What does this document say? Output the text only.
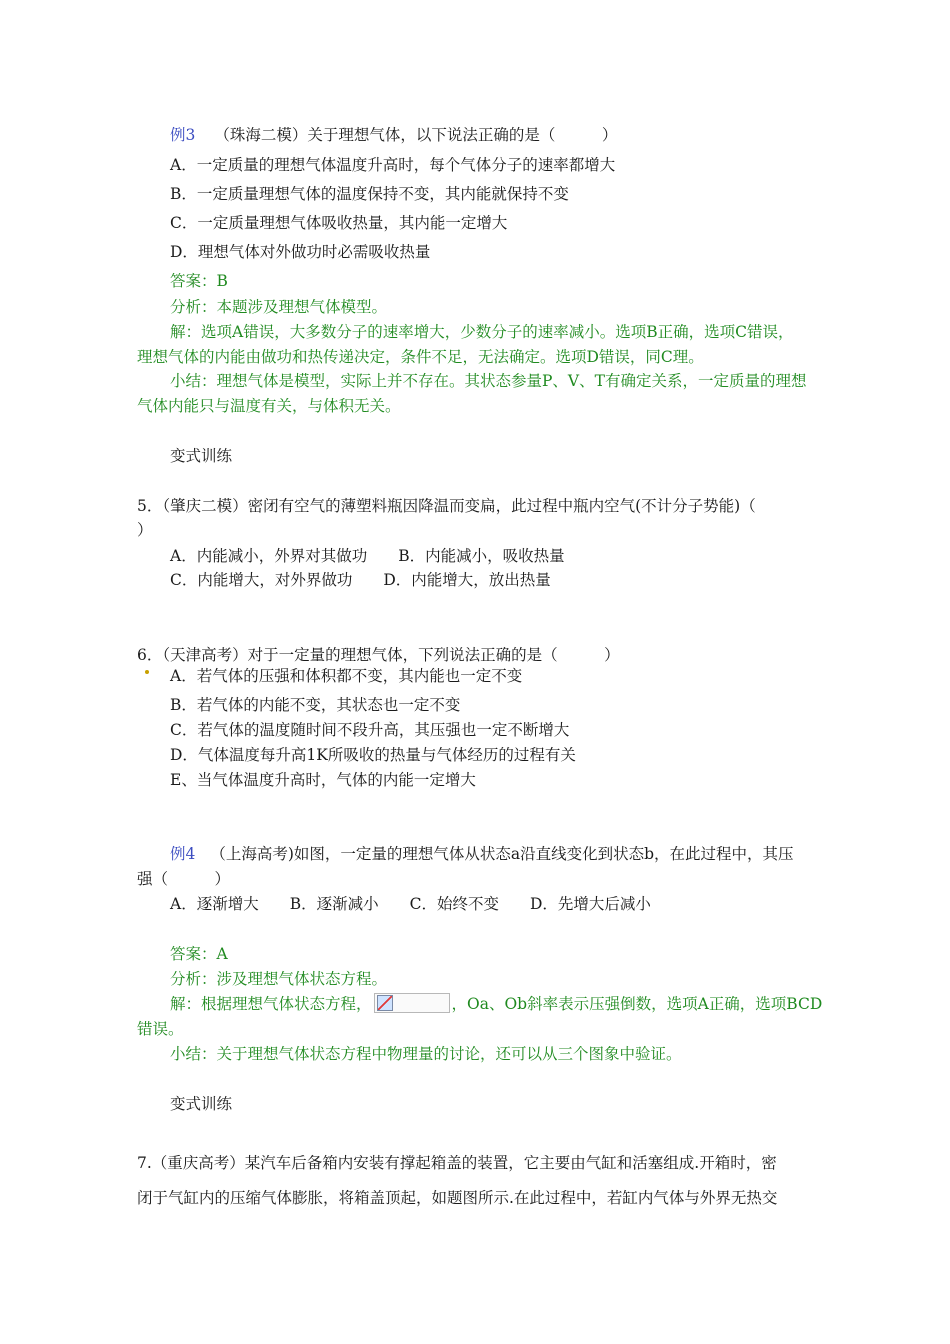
例3 （珠海二模）关于理想气体，以下说法正确的是（　　　）
A．一定质量的理想气体温度升高时，每个气体分子的速率都增大
B．一定质量理想气体的温度保持不变，其内能就保持不变
C．一定质量理想气体吸收热量，其内能一定增大
D．理想气体对外做功时必需吸收热量
答案：B
分析：本题涉及理想气体模型。
解：选项A错误，大多数分子的速率增大，少数分子的速率减小。选项B正确，选项C错误，
理想气体的内能由做功和热传递决定，条件不足，无法确定。选项D错误，同C理。
小结：理想气体是模型，实际上并不存在。其状态参量P、V、T有确定关系，一定质量的理想
气体内能只与温度有关，与体积无关。
变式训练
5．（肇庆二模）密闭有空气的薄塑料瓶因降温而变扁，此过程中瓶内空气(不计分子势能)（
）
A．内能减小，外界对其做功　　B．内能减小，吸收热量
C．内能增大，对外界做功　　D．内能增大，放出热量
6．（天津高考）对于一定量的理想气体，下列说法正确的是（　　　）
A．若气体的压强和体积都不变，其内能也一定不变
B．若气体的内能不变，其状态也一定不变
C．若气体的温度随时间不段升高，其压强也一定不断增大
D．气体温度每升高1K所吸收的热量与气体经历的过程有关
E、当气体温度升高时，气体的内能一定增大
例4 （上海高考)如图，一定量的理想气体从状态a沿直线变化到状态b，在此过程中，其压
强（　　　）
A．逐渐增大　　B．逐渐减小　　C．始终不变　　D．先增大后减小
答案：A
分析：涉及理想气体状态方程。
解：根据理想气体状态方程，	，Oa、Ob斜率表示压强倒数，选项A正确，选项BCD
错误。
小结：关于理想气体状态方程中物理量的讨论，还可以从三个图象中验证。
变式训练
7.（重庆高考）某汽车后备箱内安装有撑起箱盖的装置，它主要由气缸和活塞组成.开箱时，密
闭于气缸内的压缩气体膨胀，将箱盖顶起，如题图所示.在此过程中，若缸内气体与外界无热交
